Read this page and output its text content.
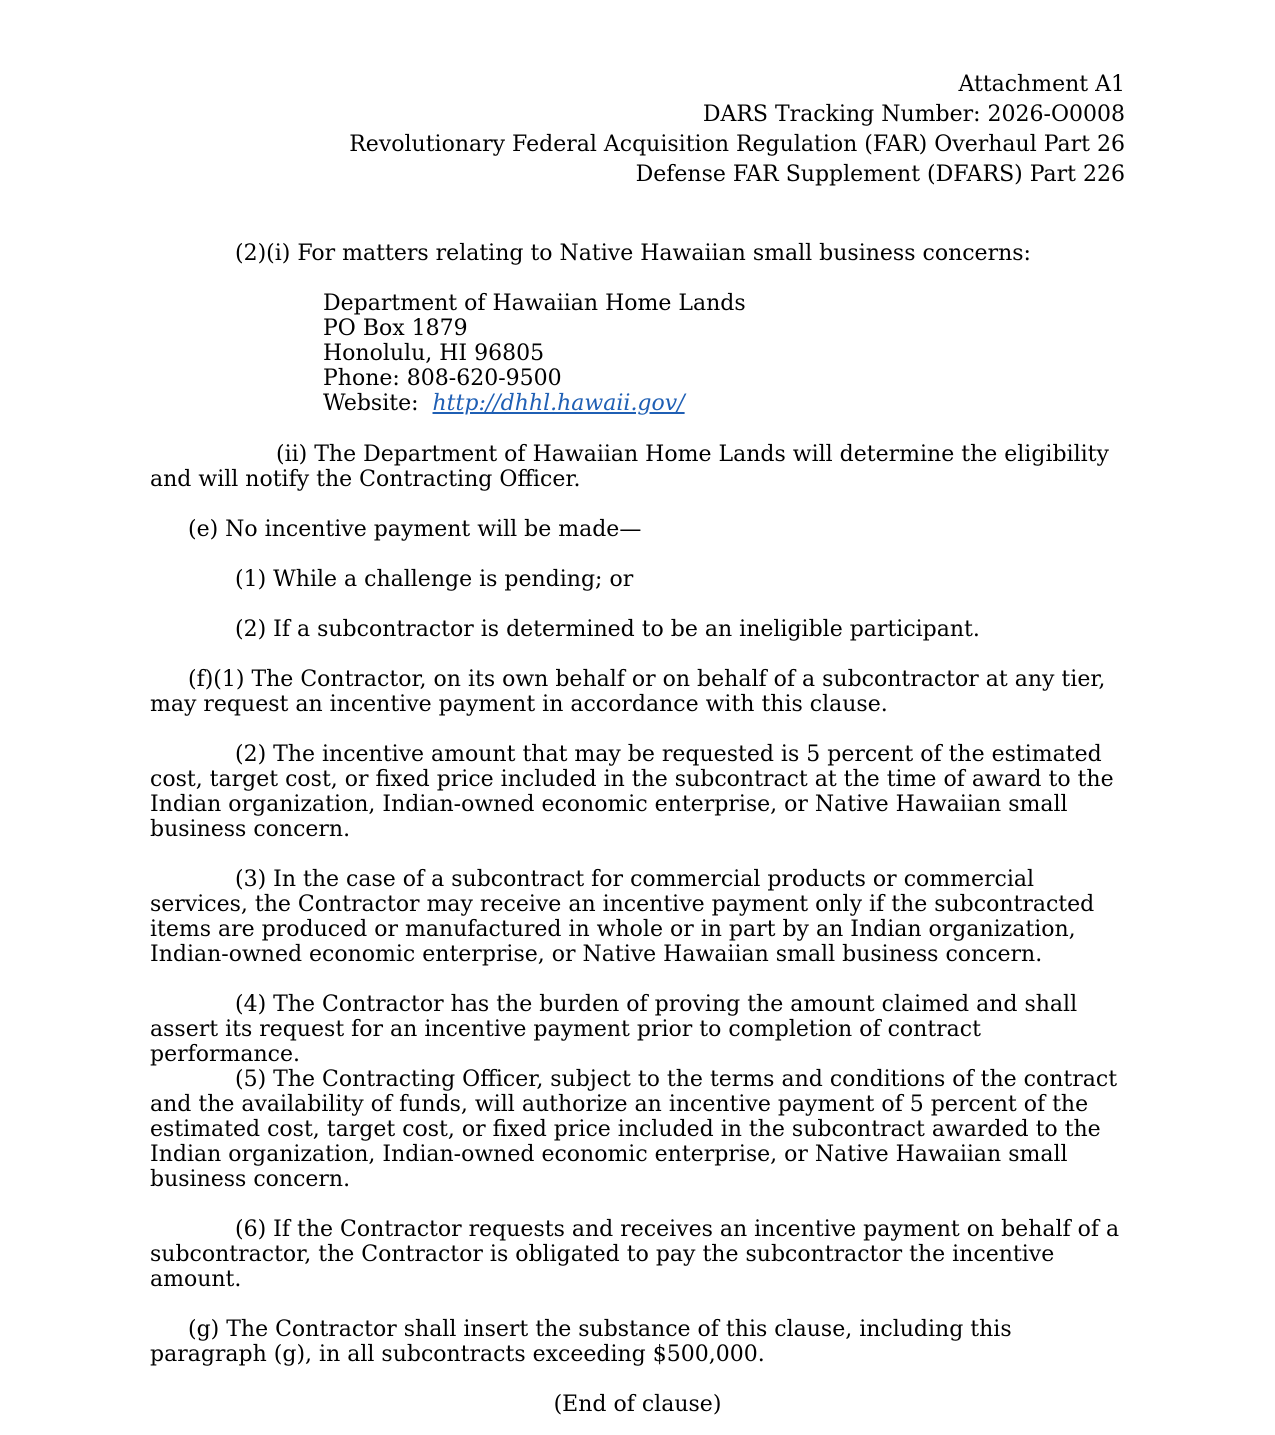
Attachment A1
DARS Tracking Number: 2026-O0008
Revolutionary Federal Acquisition Regulation (FAR) Overhaul Part 26
Defense FAR Supplement (DFARS) Part 226
(2)(i) For matters relating to Native Hawaiian small business concerns:
Department of Hawaiian Home Lands
PO Box 1879
Honolulu, HI 96805
Phone: 808-620-9500
Website:  http://dhhl.hawaii.gov/
(ii) The Department of Hawaiian Home Lands will determine the eligibility and will notify the Contracting Officer.
(e) No incentive payment will be made—
(1) While a challenge is pending; or
(2) If a subcontractor is determined to be an ineligible participant.
(f)(1) The Contractor, on its own behalf or on behalf of a subcontractor at any tier, may request an incentive payment in accordance with this clause.
(2) The incentive amount that may be requested is 5 percent of the estimated cost, target cost, or fixed price included in the subcontract at the time of award to the Indian organization, Indian-owned economic enterprise, or Native Hawaiian small business concern.
(3) In the case of a subcontract for commercial products or commercial services, the Contractor may receive an incentive payment only if the subcontracted items are produced or manufactured in whole or in part by an Indian organization, Indian-owned economic enterprise, or Native Hawaiian small business concern.
(4) The Contractor has the burden of proving the amount claimed and shall assert its request for an incentive payment prior to completion of contract performance.
(5) The Contracting Officer, subject to the terms and conditions of the contract and the availability of funds, will authorize an incentive payment of 5 percent of the estimated cost, target cost, or fixed price included in the subcontract awarded to the Indian organization, Indian-owned economic enterprise, or Native Hawaiian small business concern.
(6) If the Contractor requests and receives an incentive payment on behalf of a subcontractor, the Contractor is obligated to pay the subcontractor the incentive amount.
(g) The Contractor shall insert the substance of this clause, including this paragraph (g), in all subcontracts exceeding $500,000.
(End of clause)
